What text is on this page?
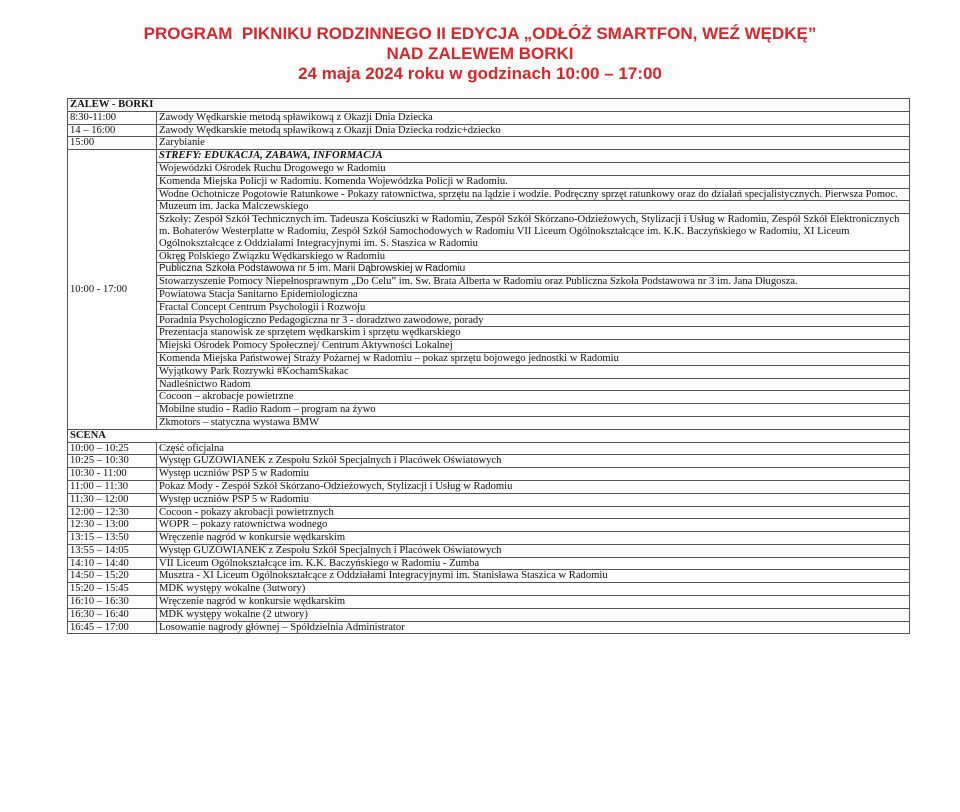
PROGRAM  PIKNIKU RODZINNEGO II EDYCJA „ODŁÓŻ SMARTFON, WEŹ WĘDKĘ”
NAD ZALEWEM BORKI
24 maja 2024 roku w godzinach 10:00 – 17:00
ZALEW - BORKI	
8:30-11:00	Zawody Wędkarskie metodą spławikową z Okazji Dnia Dziecka
14 – 16:00	Zawody Wędkarskie metodą spławikową z Okazji Dnia Dziecka rodzic+dziecko
15:00	Zarybianie
10:00 - 17:00	STREFY: EDUKACJA, ZABAWA, INFORMACJA
	Wojewódzki Ośrodek Ruchu Drogowego w Radomiu
	Komenda Miejska Policji w Radomiu. Komenda Wojewódzka Policji w Radomiu.
	Wodne Ochotnicze Pogotowie Ratunkowe - Pokazy ratownictwa, sprzętu na lądzie i wodzie. Podręczny sprzęt ratunkowy oraz do działań specjalistycznych. Pierwsza Pomoc.
	Muzeum im. Jacka Malczewskiego
	Szkoły: Zespół Szkół Technicznych im. Tadeusza Kościuszki w Radomiu, Zespół Szkół Skórzano-Odzieżowych, Stylizacji i Usług w Radomiu, Zespół Szkół Elektronicznych m. Bohaterów Westerplatte w Radomiu, Zespół Szkół Samochodowych w Radomiu VII Liceum Ogólnokształcące im. K.K. Baczyńskiego w Radomiu, XI Liceum Ogólnokształcące z Oddziałami Integracyjnymi im. S. Staszica w Radomiu
	Okręg Polskiego Związku Wędkarskiego w Radomiu
	Publiczna Szkoła Podstawowa nr 5 im. Marii Dąbrowskiej w Radomiu
	Stowarzyszenie Pomocy Niepełnosprawnym „Do Celu” im. Św. Brata Alberta w Radomiu oraz Publiczna Szkoła Podstawowa nr 3 im. Jana Długosza.
	Powiatowa Stacja Sanitarno Epidemiologiczna
	Fractal Concept Centrum Psychologii i Rozwoju
	Poradnia Psychologiczno Pedagogiczna nr 3 - doradztwo zawodowe, porady
	Prezentacja stanowisk ze sprzętem wędkarskim i sprzętu wędkarskiego
	Miejski Ośrodek Pomocy Społecznej/ Centrum Aktywności Lokalnej
	Komenda Miejska Państwowej Straży Pożarnej w Radomiu – pokaz sprzętu bojowego jednostki w Radomiu
	Wyjątkowy Park Rozrywki #KochamSkakac
	Nadleśnictwo Radom
	Cocoon – akrobacje powietrzne
	Mobilne studio - Radio Radom – program na żywo
	Zkmotors – statyczna wystawa BMW
SCENA	
10:00 – 10:25	Część oficjalna
10:25 – 10:30	Występ GUZOWIANEK z Zespołu Szkół Specjalnych i Placówek Oświatowych
10:30 - 11:00	Występ uczniów PSP 5 w Radomiu
11:00 – 11:30	Pokaz Mody - Zespół Szkół Skórzano-Odzieżowych, Stylizacji i Usług w Radomiu
11:30 – 12:00	Występ uczniów PSP 5 w Radomiu
12:00 – 12:30	Cocoon - pokazy akrobacji powietrznych
12:30 – 13:00	WOPR – pokazy ratownictwa wodnego
13:15 – 13:50	Wręczenie nagród w konkursie wędkarskim
13:55 – 14:05	Występ GUZOWIANEK z Zespołu Szkół Specjalnych i Placówek Oświatowych
14:10 – 14:40	VII Liceum Ogólnokształcące im. K.K. Baczyńskiego w Radomiu - Zumba
14:50 – 15:20	Musztra - XI Liceum Ogólnokształcące z Oddziałami Integracyjnymi im. Stanisława Staszica w Radomiu
15:20 – 15:45	MDK występy wokalne (3utwory)
16:10 – 16:30	Wręczenie nagród w konkursie wędkarskim
16:30 – 16:40	MDK występy wokalne (2 utwory)
16:45 – 17:00	Losowanie nagrody głównej – Spółdzielnia Administrator
